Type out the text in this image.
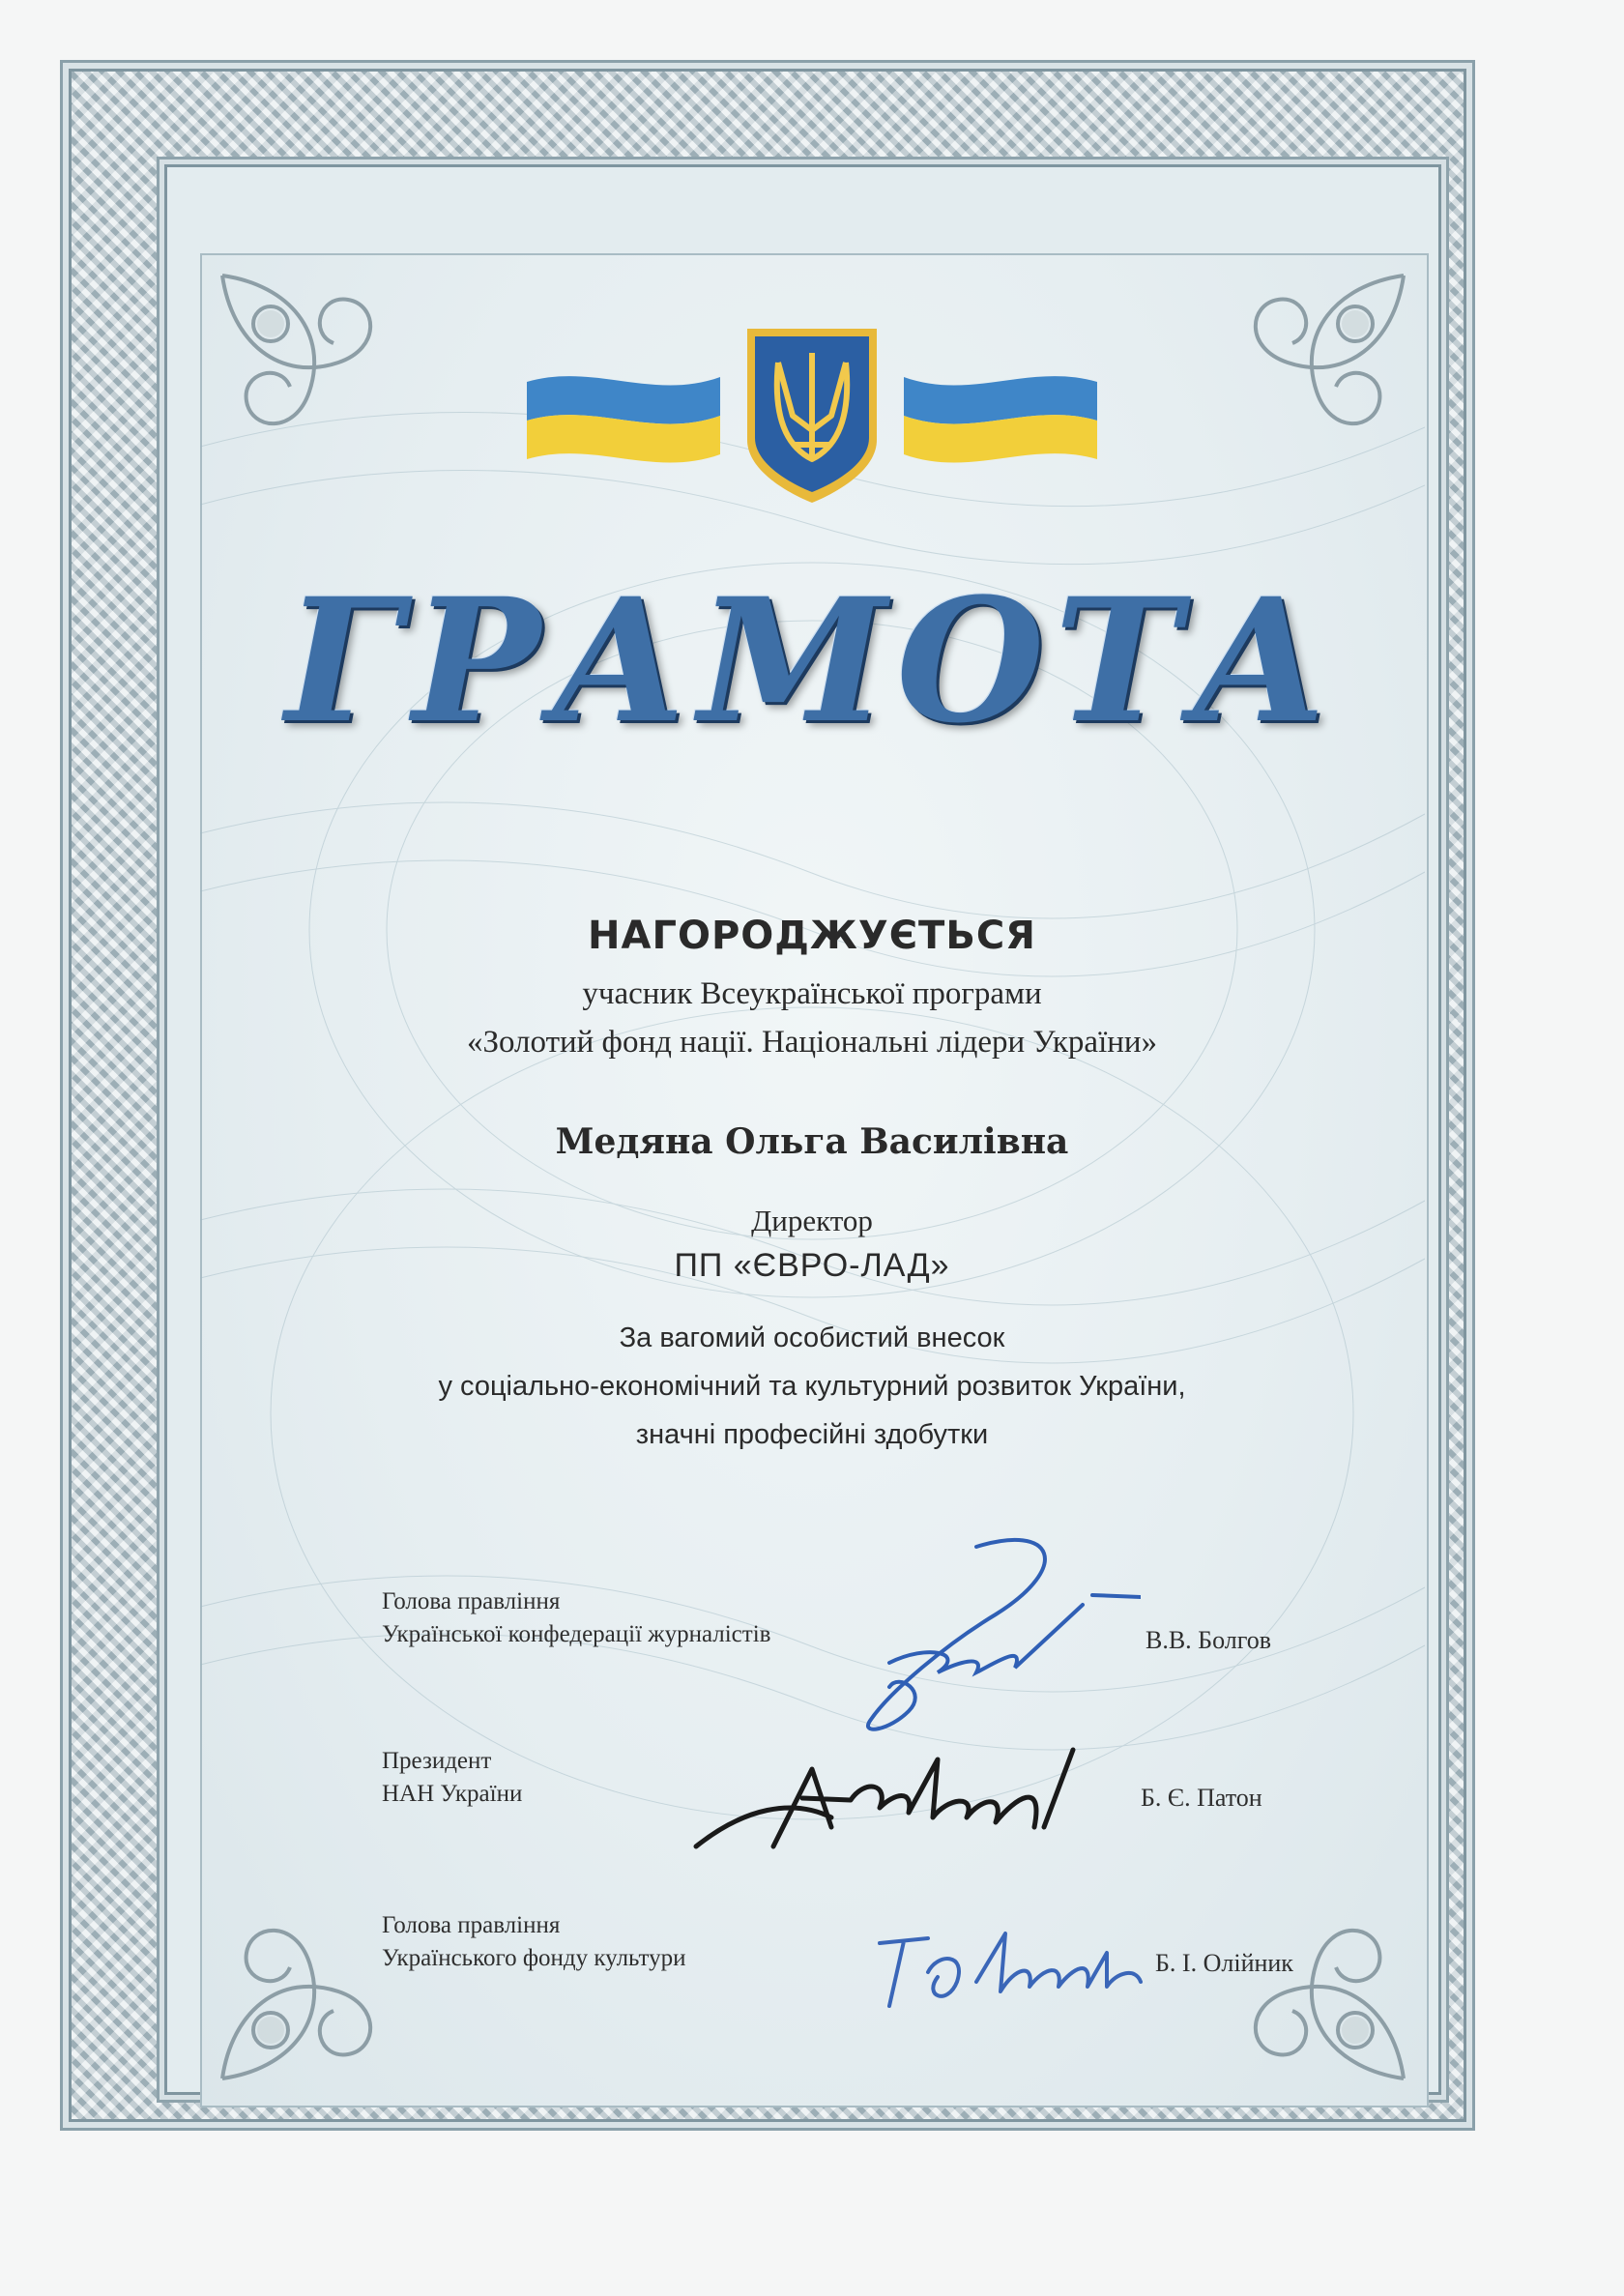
ГРАМОТА
НАГОРОДЖУЄТЬСЯ
учасник Всеукраїнської програми
«Золотий фонд нації. Національні лідери України»
Медяна Ольга Василівна
Директор
ПП «ЄВРО-ЛАД»
За вагомий особистий внесок
у соціально-економічний та культурний розвиток України,
значні професійні здобутки
Голова правління
Української конфедерації журналістів	В.В. Болгов
Президент
НАН України	Б. Є. Патон
Голова правління
Українського фонду культури	Б. І. Олійник
